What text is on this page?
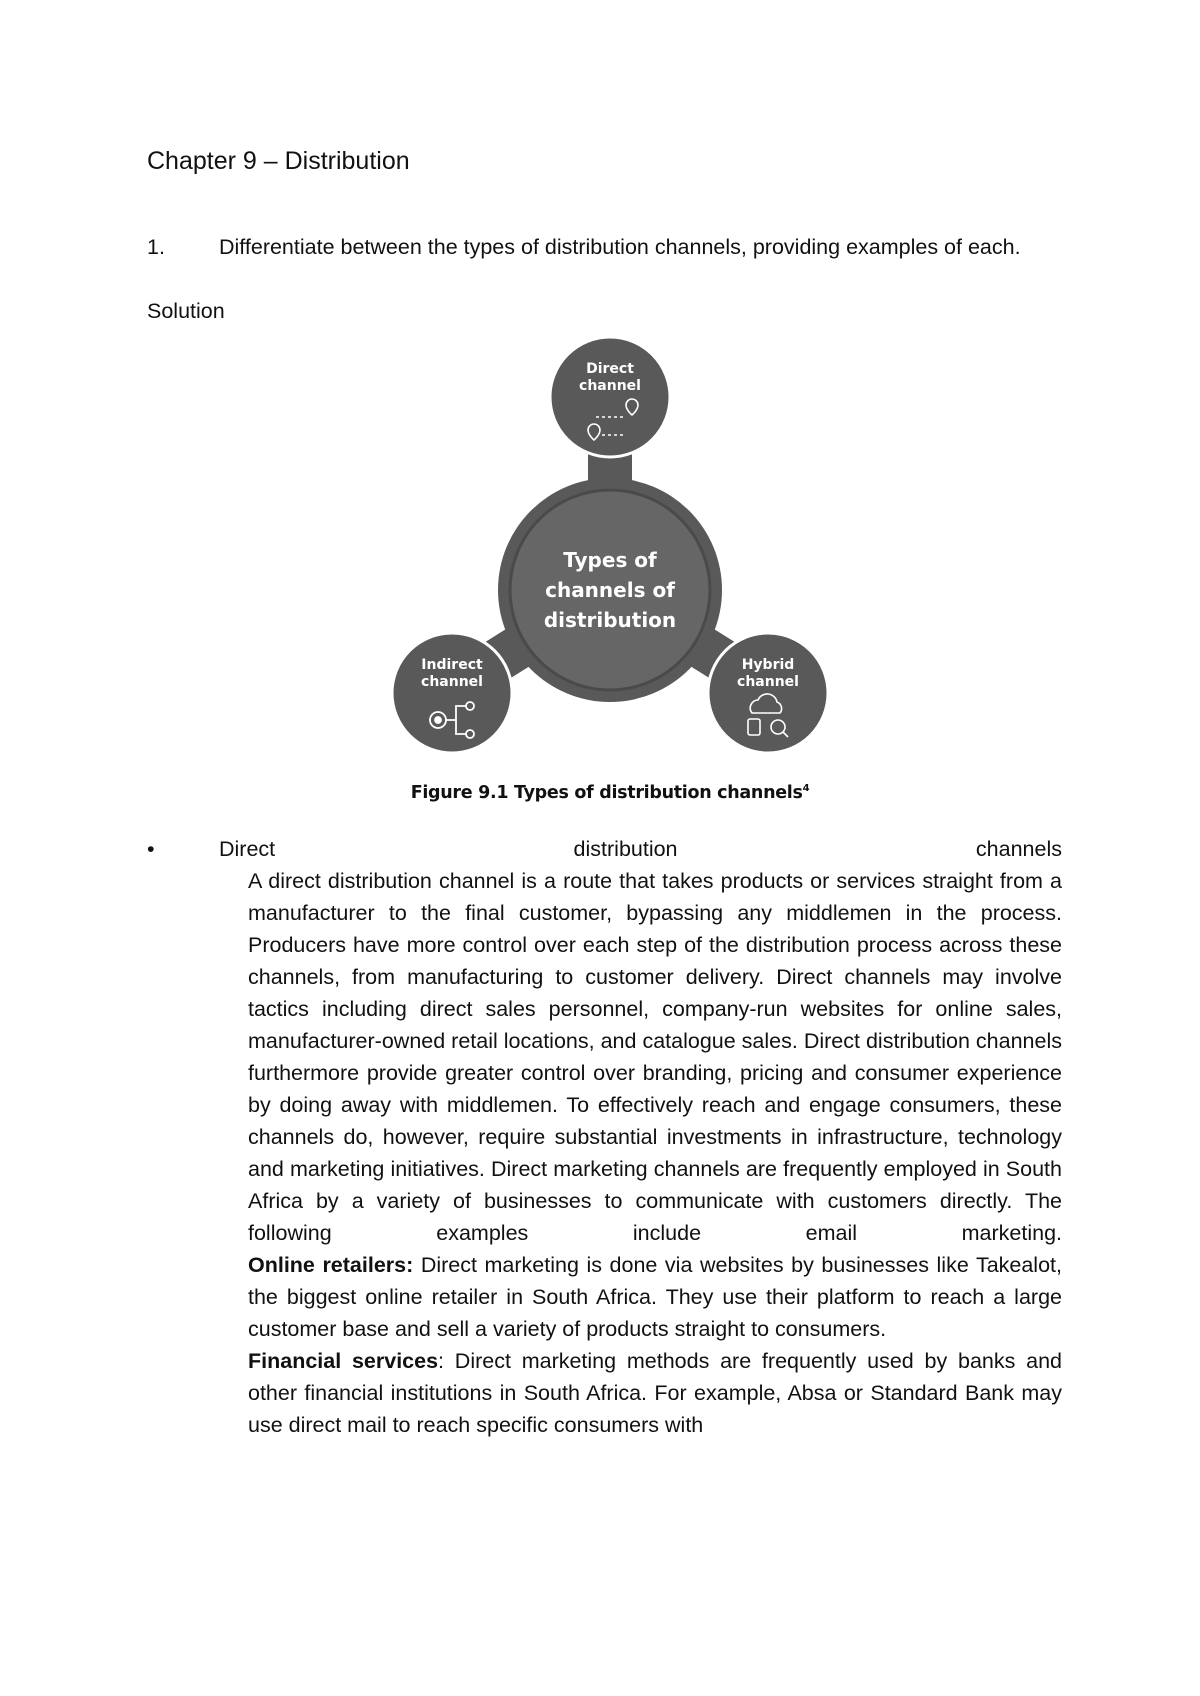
Chapter 9 – Distribution
1.	Differentiate between the types of distribution channels, providing examples of each.
Solution
Types of
channels of
distribution
Direct
channel
Indirect
channel
Hybrid
channel
Figure 9.1 Types of distribution channels$^4$
•	Direct	distribution	channels

A direct distribution channel is a route that takes products or services straight from a manufacturer to the final customer, bypassing any middlemen in the process. Producers have more control over each step of the distribution process across these channels, from manufacturing to customer delivery. Direct channels may involve tactics including direct sales personnel, company-run websites for online sales, manufacturer-owned retail locations, and catalogue sales. Direct distribution channels furthermore provide greater control over branding, pricing and consumer experience by doing away with middlemen. To effectively reach and engage consumers, these channels do, however, require substantial investments in infrastructure, technology and marketing initiatives. Direct marketing channels are frequently employed in South Africa by a variety of businesses to communicate with customers directly. The following examples include email marketing.

Online retailers: Direct marketing is done via websites by businesses like Takealot, the biggest online retailer in South Africa. They use their platform to reach a large customer base and sell a variety of products straight to consumers.

Financial services: Direct marketing methods are frequently used by banks and other financial institutions in South Africa. For example, Absa or Standard Bank may use direct mail to reach specific consumers with
